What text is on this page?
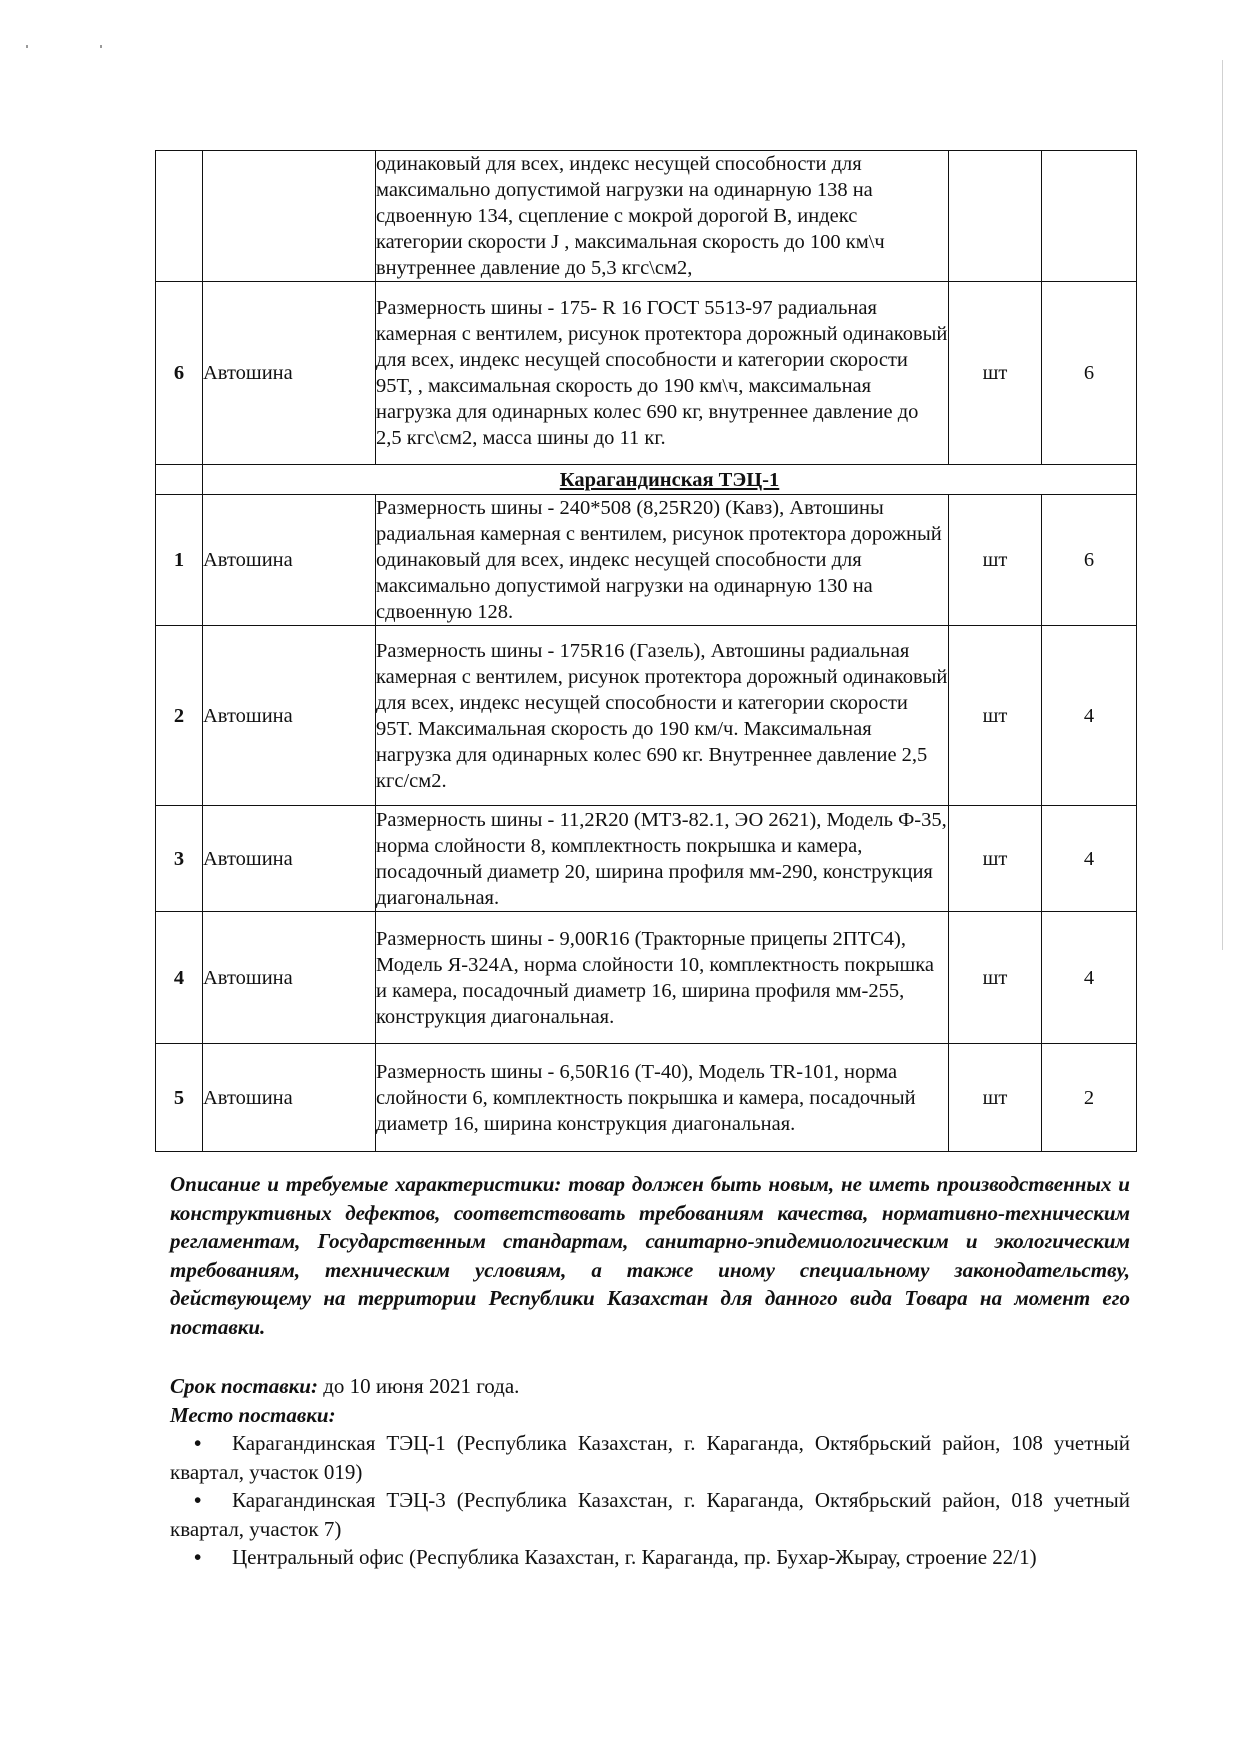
		одинаковый для всех, индекс несущей способности для максимально допустимой нагрузки на одинарную 138 на сдвоенную 134, сцепление с мокрой дорогой В, индекс категории скорости J , максимальная скорость до 100 км\ч внутреннее давление до 5,3 кгс\см2,		
6	Автошина	Размерность шины - 175- R 16 ГОСТ 5513-97 радиальная камерная с вентилем, рисунок протектора дорожный одинаковый для всех, индекс несущей способности и категории скорости 95T, , максимальная скорость до 190 км\ч, максимальная нагрузка для одинарных колес 690 кг, внутреннее давление до 2,5 кгс\см2, масса шины до 11 кг.	шт	6
	Карагандинская ТЭЦ-1			
1	Автошина	Размерность шины - 240*508 (8,25R20) (Кавз), Автошины радиальная камерная с вентилем, рисунок протектора дорожный одинаковый для всех, индекс несущей способности для максимально допустимой нагрузки на одинарную 130 на сдвоенную 128.	шт	6
2	Автошина	Размерность шины - 175R16 (Газель), Автошины радиальная камерная с вентилем, рисунок протектора дорожный одинаковый для всех, индекс несущей способности и категории скорости 95T. Максимальная скорость до 190 км/ч. Максимальная нагрузка для одинарных колес 690 кг. Внутреннее давление 2,5 кгс/см2.	шт	4
3	Автошина	Размерность шины - 11,2R20 (МТЗ-82.1, ЭО 2621), Модель Ф-35, норма слойности 8, комплектность покрышка и камера, посадочный диаметр 20, ширина профиля мм-290, конструкция диагональная.	шт	4
4	Автошина	Размерность шины - 9,00R16 (Тракторные прицепы 2ПТС4), Модель Я-324А, норма слойности 10, комплектность покрышка и камера, посадочный диаметр 16, ширина профиля мм-255, конструкция диагональная.	шт	4
5	Автошина	Размерность шины - 6,50R16 (Т-40), Модель TR-101, норма слойности 6, комплектность покрышка и камера, посадочный диаметр 16, ширина конструкция диагональная.	шт	2

Описание и требуемые характеристики: товар должен быть новым, не иметь производственных и конструктивных дефектов, соответствовать требованиям качества, нормативно-техническим регламентам, Государственным стандартам, санитарно-эпидемиологическим и экологическим требованиям, техническим условиям, а также иному специальному законодательству, действующему на территории Республики Казахстан для данного вида Товара на момент его поставки.

Срок поставки: до 10 июня 2021 года.
Место поставки:
• Карагандинская ТЭЦ-1 (Республика Казахстан, г. Караганда, Октябрьский район, 108 учетный квартал, участок 019)
• Карагандинская ТЭЦ-3 (Республика Казахстан, г. Караганда, Октябрьский район, 018 учетный квартал, участок 7)
• Центральный офис (Республика Казахстан, г. Караганда, пр. Бухар-Жырау, строение 22/1)
